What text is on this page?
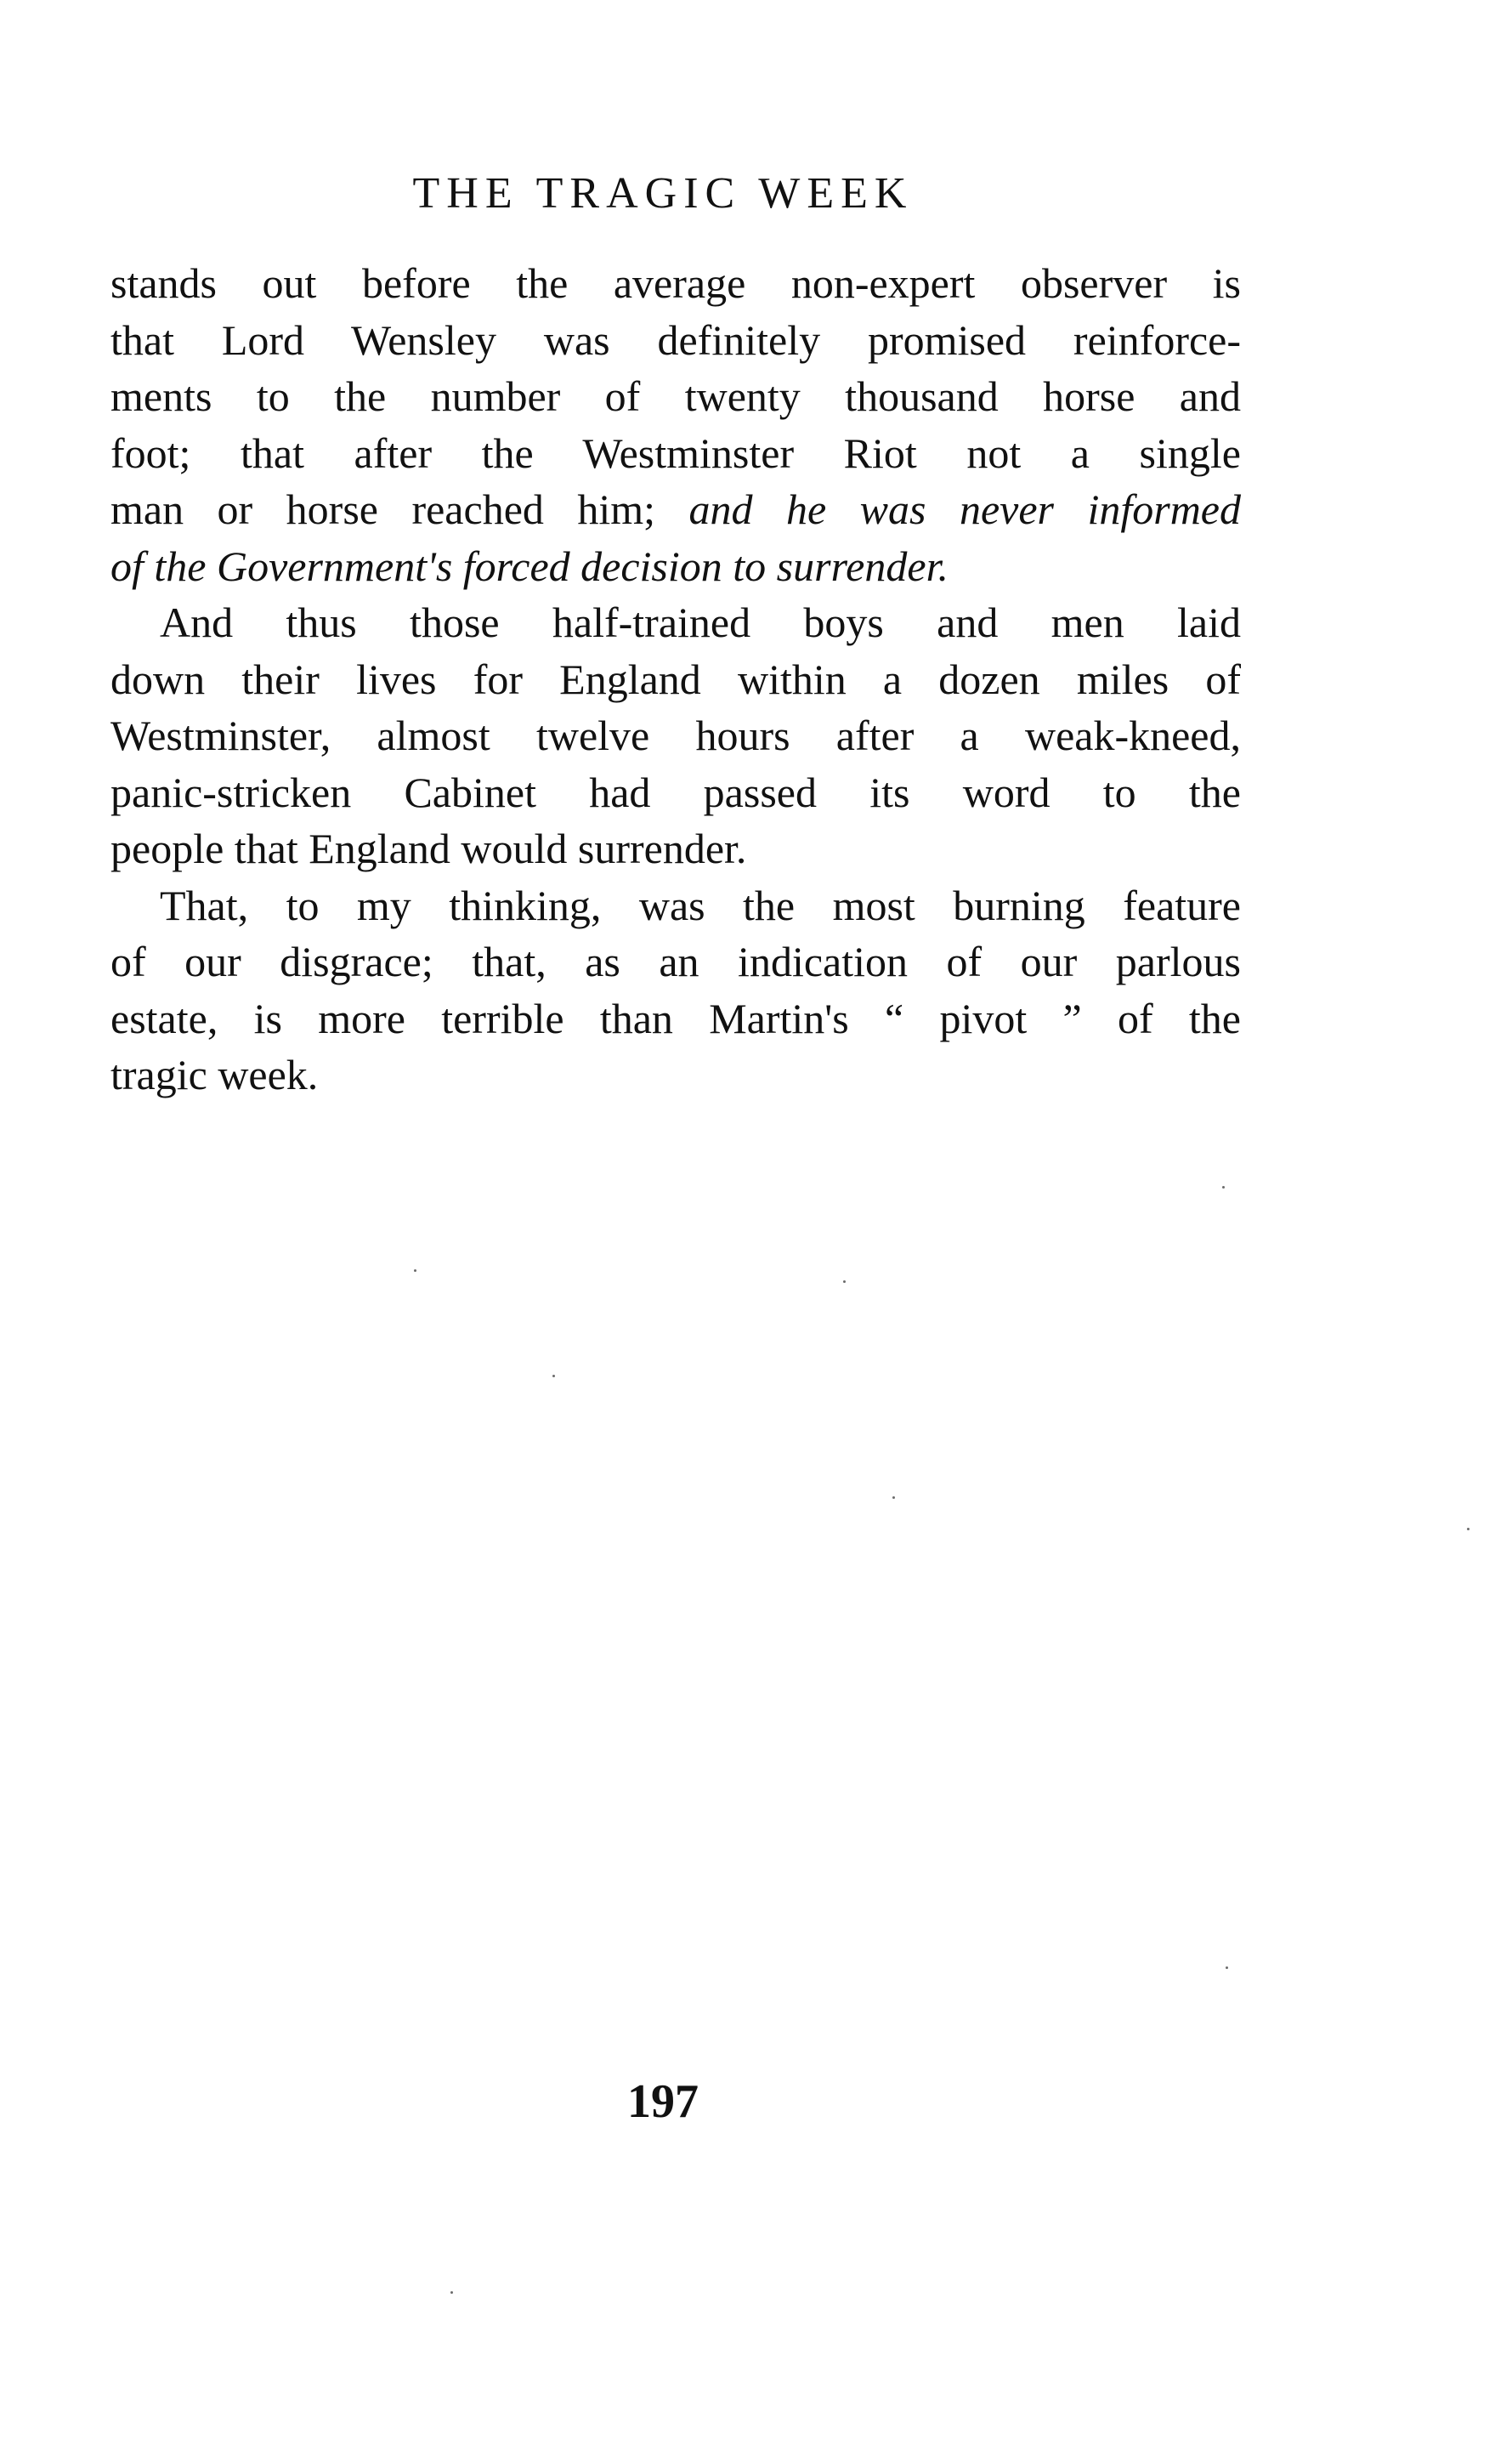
THE TRAGIC WEEK
stands out before the average non-expert observer is
that Lord Wensley was definitely promised reinforce-
ments to the number of twenty thousand horse and
foot; that after the Westminster Riot not a single
man or horse reached him; and he was never informed
of the Government's forced decision to surrender.
And thus those half-trained boys and men laid
down their lives for England within a dozen miles of
Westminster, almost twelve hours after a weak-kneed,
panic-stricken Cabinet had passed its word to the
people that England would surrender.
That, to my thinking, was the most burning feature
of our disgrace; that, as an indication of our parlous
estate, is more terrible than Martin's “ pivot ” of the
tragic week.
197
